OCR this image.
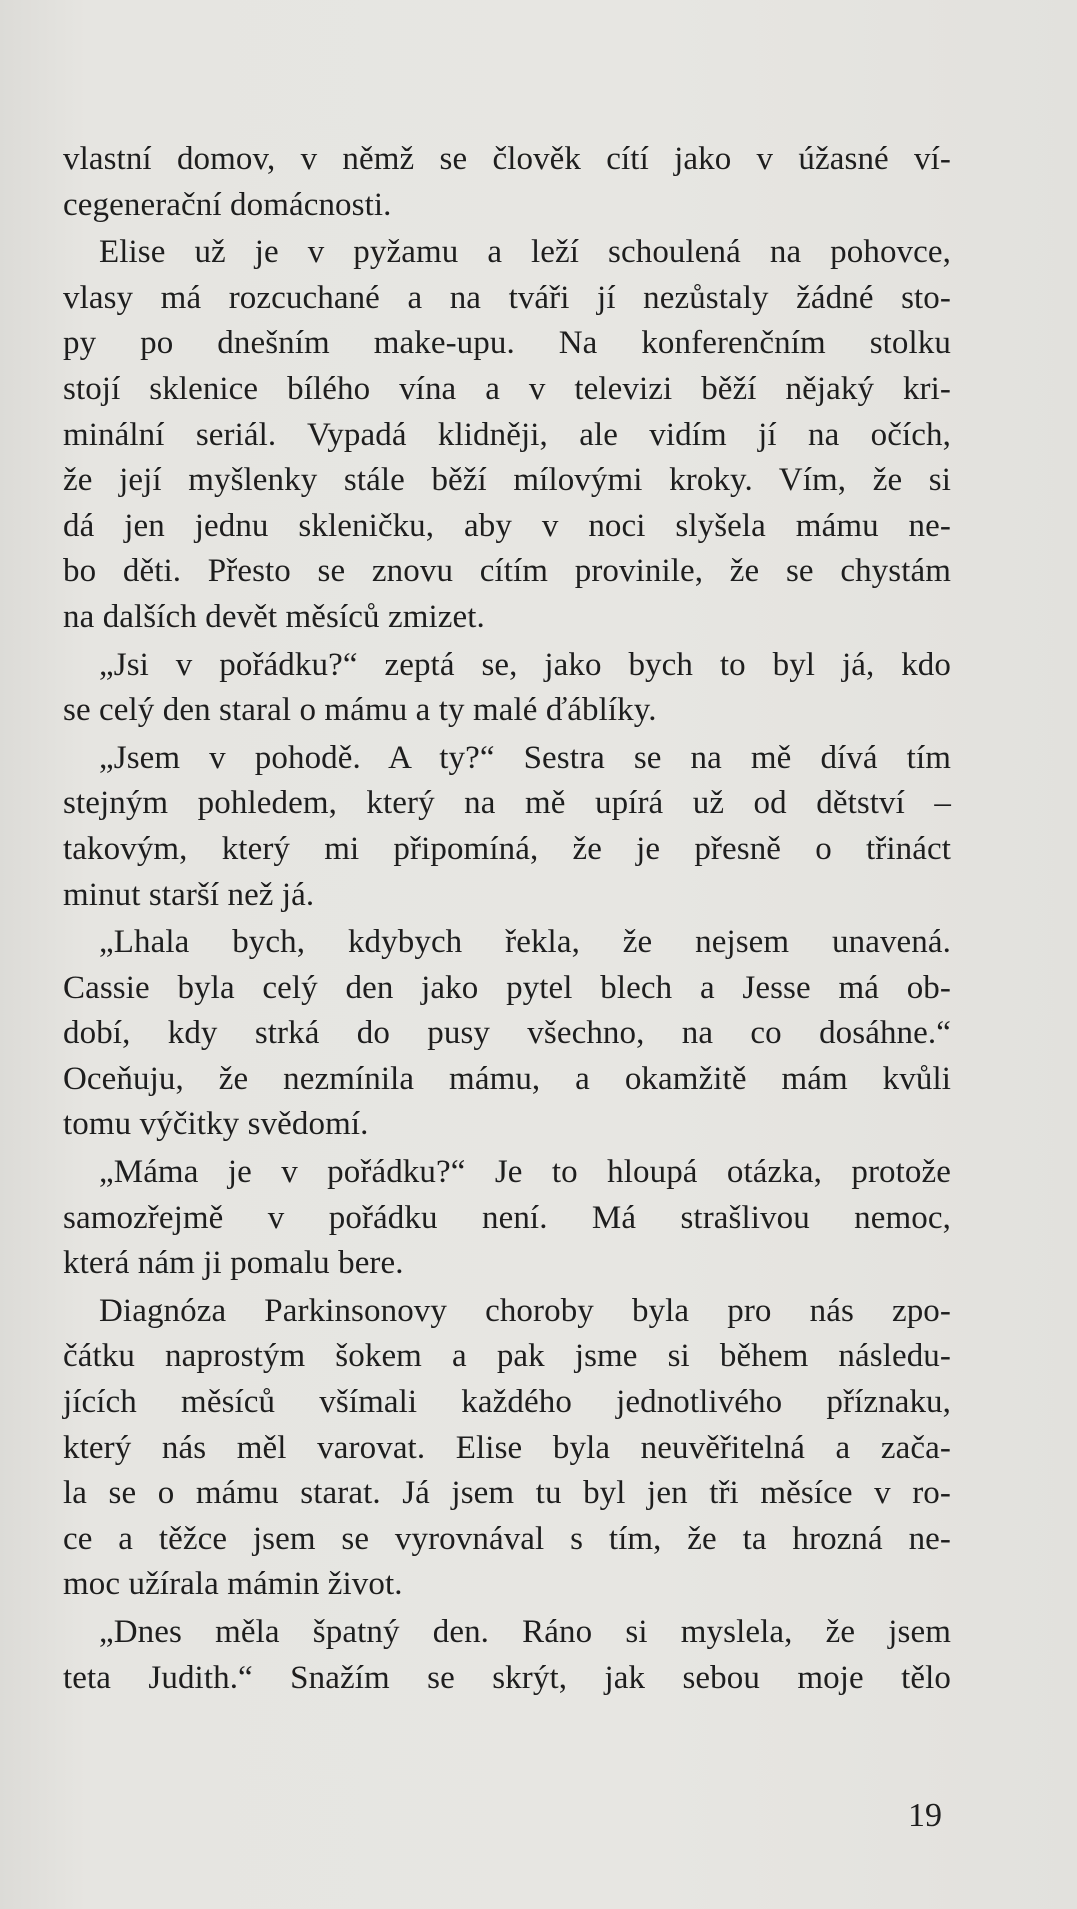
vlastní domov, v němž se člověk cítí jako v úžasné ví-
cegenerační domácnosti.
Elise už je v pyžamu a leží schoulená na pohovce,
vlasy má rozcuchané a na tváři jí nezůstaly žádné sto-
py po dnešním make-upu. Na konferenčním stolku
stojí sklenice bílého vína a v televizi běží nějaký kri-
minální seriál. Vypadá klidněji, ale vidím jí na očích,
že její myšlenky stále běží mílovými kroky. Vím, že si
dá jen jednu skleničku, aby v noci slyšela mámu ne-
bo děti. Přesto se znovu cítím provinile, že se chystám
na dalších devět měsíců zmizet.
„Jsi v pořádku?“ zeptá se, jako bych to byl já, kdo
se celý den staral o mámu a ty malé ďáblíky.
„Jsem v pohodě. A ty?“ Sestra se na mě dívá tím
stejným pohledem, který na mě upírá už od dětství –
takovým, který mi připomíná, že je přesně o třináct
minut starší než já.
„Lhala bych, kdybych řekla, že nejsem unavená.
Cassie byla celý den jako pytel blech a Jesse má ob-
dobí, kdy strká do pusy všechno, na co dosáhne.“
Oceňuju, že nezmínila mámu, a okamžitě mám kvůli
tomu výčitky svědomí.
„Máma je v pořádku?“ Je to hloupá otázka, protože
samozřejmě v pořádku není. Má strašlivou nemoc,
která nám ji pomalu bere.
Diagnóza Parkinsonovy choroby byla pro nás zpo-
čátku naprostým šokem a pak jsme si během následu-
jících měsíců všímali každého jednotlivého příznaku,
který nás měl varovat. Elise byla neuvěřitelná a zača-
la se o mámu starat. Já jsem tu byl jen tři měsíce v ro-
ce a těžce jsem se vyrovnával s tím, že ta hrozná ne-
moc užírala mámin život.
„Dnes měla špatný den. Ráno si myslela, že jsem
teta Judith.“ Snažím se skrýt, jak sebou moje tělo
19
